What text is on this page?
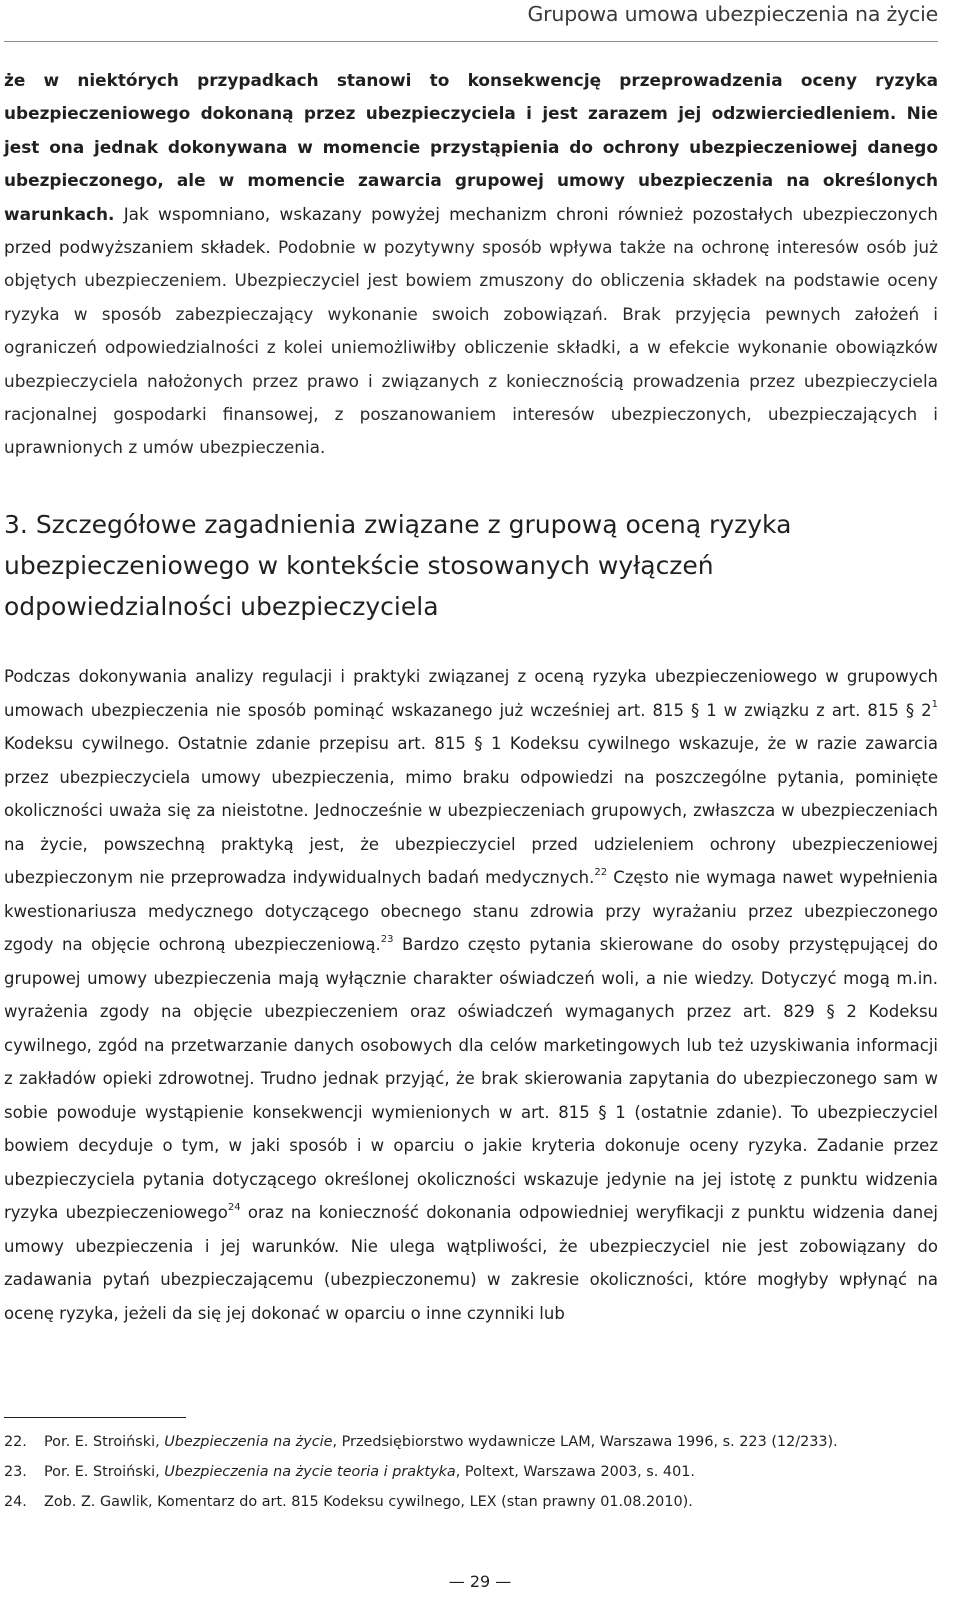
Grupowa umowa ubezpieczenia na życie

że w niektórych przypadkach stanowi to konsekwencję przeprowadzenia oceny ryzyka ubezpieczeniowego dokonaną przez ubezpieczyciela i jest zarazem jej odzwierciedleniem. Nie jest ona jednak dokonywana w momencie przystąpienia do ochrony ubezpieczeniowej danego ubezpieczonego, ale w momencie zawarcia grupowej umowy ubezpieczenia na określonych warunkach. Jak wspomniano, wskazany powyżej mechanizm chroni również pozostałych ubezpieczonych przed podwyższaniem składek. Podobnie w pozytywny sposób wpływa także na ochronę interesów osób już objętych ubezpieczeniem. Ubezpieczyciel jest bowiem zmuszony do obliczenia składek na podstawie oceny ryzyka w sposób zabezpieczający wykonanie swoich zobowiązań. Brak przyjęcia pewnych założeń i ograniczeń odpowiedzialności z kolei uniemożliwiłby obliczenie składki, a w efekcie wykonanie obowiązków ubezpieczyciela nałożonych przez prawo i związanych z koniecznością prowadzenia przez ubezpieczyciela racjonalnej gospodarki finansowej, z poszanowaniem interesów ubezpieczonych, ubezpieczających i uprawnionych z umów ubezpieczenia.

3. Szczegółowe zagadnienia związane z grupową oceną ryzyka ubezpieczeniowego w kontekście stosowanych wyłączeń odpowiedzialności ubezpieczyciela

Podczas dokonywania analizy regulacji i praktyki związanej z oceną ryzyka ubezpieczeniowego w grupowych umowach ubezpieczenia nie sposób pominąć wskazanego już wcześniej art. 815 § 1 w związku z art. 815 § $2^1$ Kodeksu cywilnego. Ostatnie zdanie przepisu art. 815 § 1 Kodeksu cywilnego wskazuje, że w razie zawarcia przez ubezpieczyciela umowy ubezpieczenia, mimo braku odpowiedzi na poszczególne pytania, pominięte okoliczności uważa się za nieistotne. Jednocześnie w ubezpieczeniach grupowych, zwłaszcza w ubezpieczeniach na życie, powszechną praktyką jest, że ubezpieczyciel przed udzieleniem ochrony ubezpieczeniowej ubezpieczonym nie przeprowadza indywidualnych badań medycznych.$^{22}$ Często nie wymaga nawet wypełnienia kwestionariusza medycznego dotyczącego obecnego stanu zdrowia przy wyrażaniu przez ubezpieczonego zgody na objęcie ochroną ubezpieczeniową.$^{23}$ Bardzo często pytania skierowane do osoby przystępującej do grupowej umowy ubezpieczenia mają wyłącznie charakter oświadczeń woli, a nie wiedzy. Dotyczyć mogą m.in. wyrażenia zgody na objęcie ubezpieczeniem oraz oświadczeń wymaganych przez art. 829 § 2 Kodeksu cywilnego, zgód na przetwarzanie danych osobowych dla celów marketingowych lub też uzyskiwania informacji z zakładów opieki zdrowotnej. Trudno jednak przyjąć, że brak skierowania zapytania do ubezpieczonego sam w sobie powoduje wystąpienie konsekwencji wymienionych w art. 815 § 1 (ostatnie zdanie). To ubezpieczyciel bowiem decyduje o tym, w jaki sposób i w oparciu o jakie kryteria dokonuje oceny ryzyka. Zadanie przez ubezpieczyciela pytania dotyczącego określonej okoliczności wskazuje jedynie na jej istotę z punktu widzenia ryzyka ubezpieczeniowego$^{24}$ oraz na konieczność dokonania odpowiedniej weryfikacji z punktu widzenia danej umowy ubezpieczenia i jej warunków. Nie ulega wątpliwości, że ubezpieczyciel nie jest zobowiązany do zadawania pytań ubezpieczającemu (ubezpieczonemu) w zakresie okoliczności, które mogłyby wpłynąć na ocenę ryzyka, jeżeli da się jej dokonać w oparciu o inne czynniki lub

22.	Por. E. Stroiński, Ubezpieczenia na życie, Przedsiębiorstwo wydawnicze LAM, Warszawa 1996, s. 223 (12/233).
23.	Por. E. Stroiński, Ubezpieczenia na życie teoria i praktyka, Poltext, Warszawa 2003, s. 401.
24.	Zob. Z. Gawlik, Komentarz do art. 815 Kodeksu cywilnego, LEX (stan prawny 01.08.2010).
— 29 —
